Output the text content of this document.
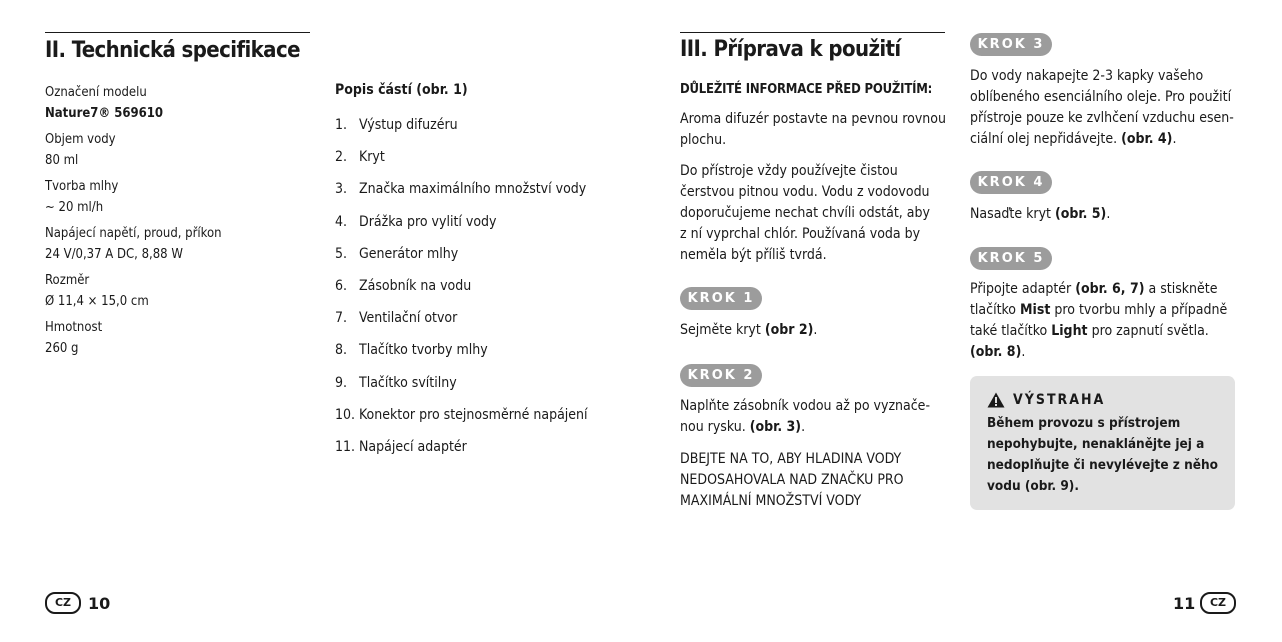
II. Technická specifikace
Označení modelu
Nature7® 569610
Objem vody
80 ml
Tvorba mlhy
~ 20 ml/h
Napájecí napětí, proud, příkon
24 V/0,37 A DC, 8,88 W
Rozměr
Ø 11,4 × 15,0 cm
Hmotnost
260 g
Popis částí (obr. 1)
1. Výstup difuzéru
2. Kryt
3. Značka maximálního množství vody
4. Drážka pro vylití vody
5. Generátor mlhy
6. Zásobník na vodu
7. Ventilační otvor
8. Tlačítko tvorby mlhy
9. Tlačítko svítilny
10. Konektor pro stejnosměrné napájení
11. Napájecí adaptér
CZ	10
III. Příprava k použití
DŮLEŽITÉ INFORMACE PŘED POUŽITÍM:

Aroma difuzér postavte na pevnou rovnou plochu.

Do přístroje vždy používejte čistou čerstvou pitnou vodu. Vodu z vodovodu doporučujeme nechat chvíli odstát, aby z ní vyprchal chlór. Používaná voda by neměla být příliš tvrdá.

KROK 1

Sejměte kryt (obr 2).

KROK 2

Naplňte zásobník vodou až po vyznače-nou rysku. (obr. 3).

DBEJTE NA TO, ABY HLADINA VODY NEDOSAHOVALA NAD ZNAČKU PRO MAXIMÁLNÍ MNOŽSTVÍ VODY

KROK 3

Do vody nakapejte 2-3 kapky vašeho oblíbeného esenciálního oleje. Pro použití přístroje pouze ke zvlhčení vzduchu esen-ciální olej nepřidávejte. (obr. 4).

KROK 4

Nasaďte kryt (obr. 5).

KROK 5

Připojte adaptér (obr. 6, 7) a stiskněte tlačítko Mist pro tvorbu mhly a případně také tlačítko Light pro zapnutí světla. (obr. 8).

VÝSTRAHA

Během provozu s přístrojem nepohybujte, nenaklánějte jej a nedoplňujte či nevylévejte z něho vodu (obr. 9).

11	CZ
